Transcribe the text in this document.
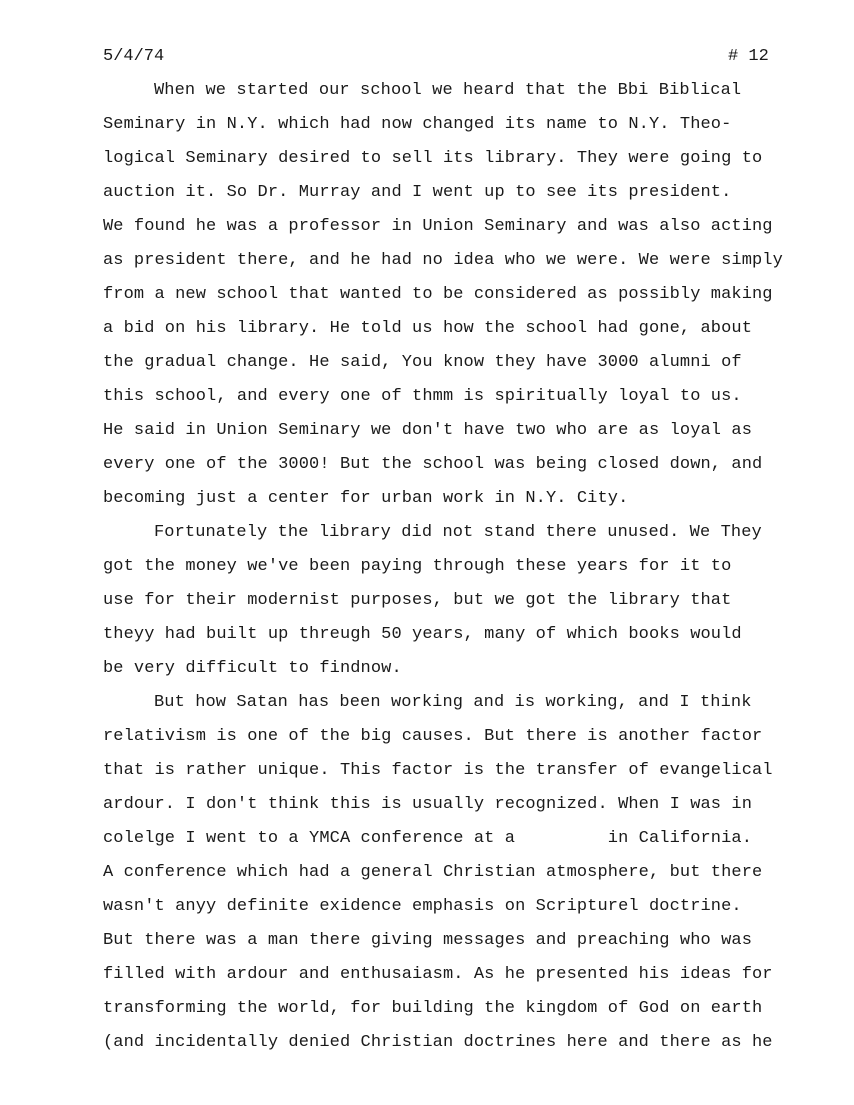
5/4/74	# 12
When we started our school we heard that the Bbi Biblical
Seminary in N.Y. which had now changed its name to N.Y. Theo-
logical Seminary desired to sell its library. They were going to
auction it. So Dr. Murray and I went up to see its president.
We fоund he was a professor in Union Seminary and was also acting
as president there, and he had no idea who we were. We were simply
from a new school that wanted to be considered as possibly making
a bid on his library. He told us how the school had gone, about
the gradual change. He said, You know they have 3000 alumni of
this school, and every one of thmm is spiritually loyal to us.
He said in Union Seminary we don't have two who are as loyal as
every one of the 3000! But the school was being closed down, and
becoming just a center for urban work in N.Y. City.
Fortunately the library did not stand there unused. We They
got the money we've been paying through these years for it to
use for their modernist purposes, but we got the library that
theyy had built up threugh 50 years, many of which books would
be very difficult to findnow.
But how Satan has been working and is working, and I think
relativism is one of the big causes. But there is another factor
that is rather unique. This factor is the transfer of evangelical
ardour. I don't think this is usually recognized. When I was in
colelge I went to a YMCA conference at a         in California.
A conference which had a general Christian atmosphere, but there
wasn't anyy definite exidence emphasis on Scripturel doctrine.
But there was a man there giving messages and preaching who was
filled with ardour and enthusaiasm. As he presented his ideas for
transforming the world, for building the kingdom of God on earth
(and incidentally denied Christian doctrines here and there as he
